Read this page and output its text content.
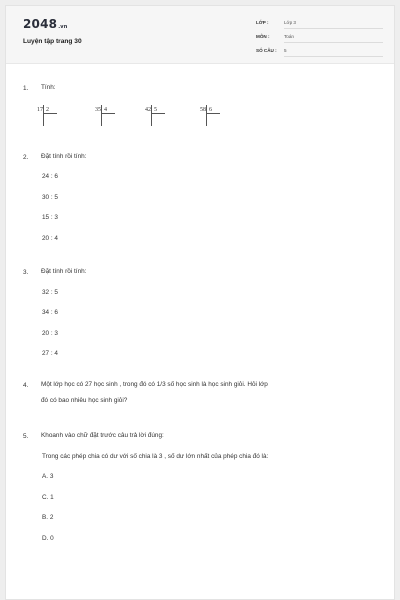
2048.vn
Luyện tập trang 30
LỚP :	Lớp 3
MÔN :	Toán
SỐ CÂU : 5
1. Tính:
17 2	35 4	42 5	58 6
2. Đặt tính rồi tính:
24 : 6
30 : 5
15 : 3
20 : 4
3. Đặt tính rồi tính:
32 : 5
34 : 6
20 : 3
27 : 4
4. Một lớp học có 27 học sinh , trong đó có 1/3 số học sinh là học sinh giỏi. Hỏi lớp
đó có bao nhiêu học sinh giỏi?
5. Khoanh vào chữ đặt trước câu trả lời đúng:
Trong các phép chia có dư với số chia là 3 , số dư lớn nhất của phép chia đó là:
A. 3
C. 1
B. 2
D. 0
